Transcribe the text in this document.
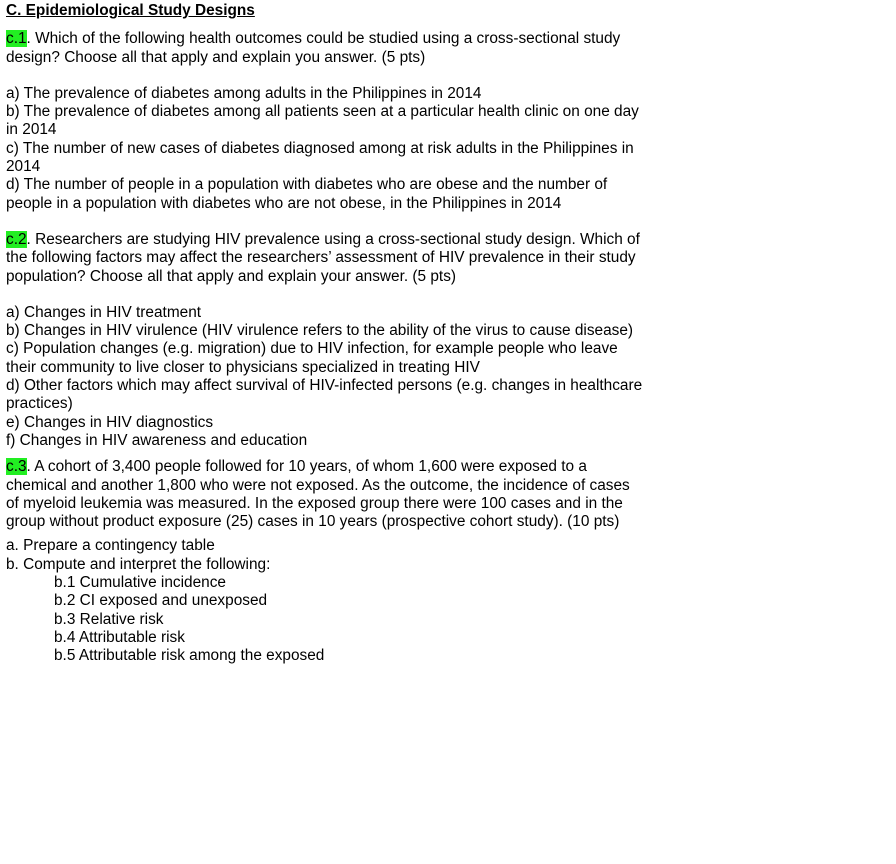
C. Epidemiological Study Designs

c.1. Which of the following health outcomes could be studied using a cross-sectional study design? Choose all that apply and explain you answer. (5 pts)

a) The prevalence of diabetes among adults in the Philippines in 2014

b) The prevalence of diabetes among all patients seen at a particular health clinic on one day in 2014

c) The number of new cases of diabetes diagnosed among at risk adults in the Philippines in 2014

d) The number of people in a population with diabetes who are obese and the number of people in a population with diabetes who are not obese, in the Philippines in 2014

c.2. Researchers are studying HIV prevalence using a cross-sectional study design. Which of the following factors may affect the researchers’ assessment of HIV prevalence in their study population? Choose all that apply and explain your answer. (5 pts)

a) Changes in HIV treatment

b) Changes in HIV virulence (HIV virulence refers to the ability of the virus to cause disease)

c) Population changes (e.g. migration) due to HIV infection, for example people who leave their community to live closer to physicians specialized in treating HIV

d) Other factors which may affect survival of HIV-infected persons (e.g. changes in healthcare practices)

e) Changes in HIV diagnostics

f) Changes in HIV awareness and education

c.3. A cohort of 3,400 people followed for 10 years, of whom 1,600 were exposed to a chemical and another 1,800 who were not exposed. As the outcome, the incidence of cases of myeloid leukemia was measured. In the exposed group there were 100 cases and in the group without product exposure (25) cases in 10 years (prospective cohort study). (10 pts)

a. Prepare a contingency table

b. Compute and interpret the following:

b.1 Cumulative incidence

b.2 CI exposed and unexposed

b.3 Relative risk

b.4 Attributable risk

b.5 Attributable risk among the exposed
